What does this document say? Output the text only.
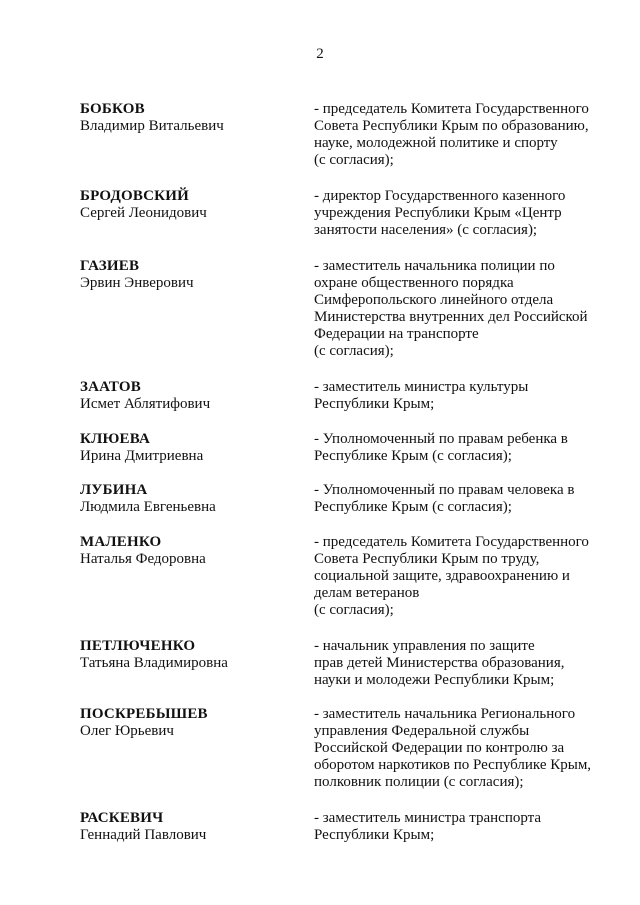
2
БОБКОВ
Владимир Витальевич
- председатель Комитета Государственного
Совета Республики Крым по образованию,
науке, молодежной политике и спорту
(с согласия);
БРОДОВСКИЙ
Сергей Леонидович
- директор Государственного казенного
учреждения Республики Крым «Центр
занятости населения» (с согласия);
ГАЗИЕВ
Эрвин Энверович
- заместитель начальника полиции по
охране общественного порядка
Симферопольского линейного отдела
Министерства внутренних дел Российской
Федерации на транспорте
(с согласия);
ЗААТОВ
Исмет Аблятифович
- заместитель министра культуры
Республики Крым;
КЛЮЕВА
Ирина Дмитриевна
- Уполномоченный по правам ребенка в
Республике Крым (с согласия);
ЛУБИНА
Людмила Евгеньевна
- Уполномоченный по правам человека в
Республике Крым (с согласия);
МАЛЕНКО
Наталья Федоровна
- председатель Комитета Государственного
Совета Республики Крым по труду,
социальной защите, здравоохранению и
делам ветеранов
(с согласия);
ПЕТЛЮЧЕНКО
Татьяна Владимировна
- начальник управления по защите
прав детей Министерства образования,
науки и молодежи Республики Крым;
ПОСКРЕБЫШЕВ
Олег Юрьевич
- заместитель начальника Регионального
управления Федеральной службы
Российской Федерации по контролю за
оборотом наркотиков по Республике Крым,
полковник полиции (с согласия);
РАСКЕВИЧ
Геннадий Павлович
- заместитель министра транспорта
Республики Крым;
